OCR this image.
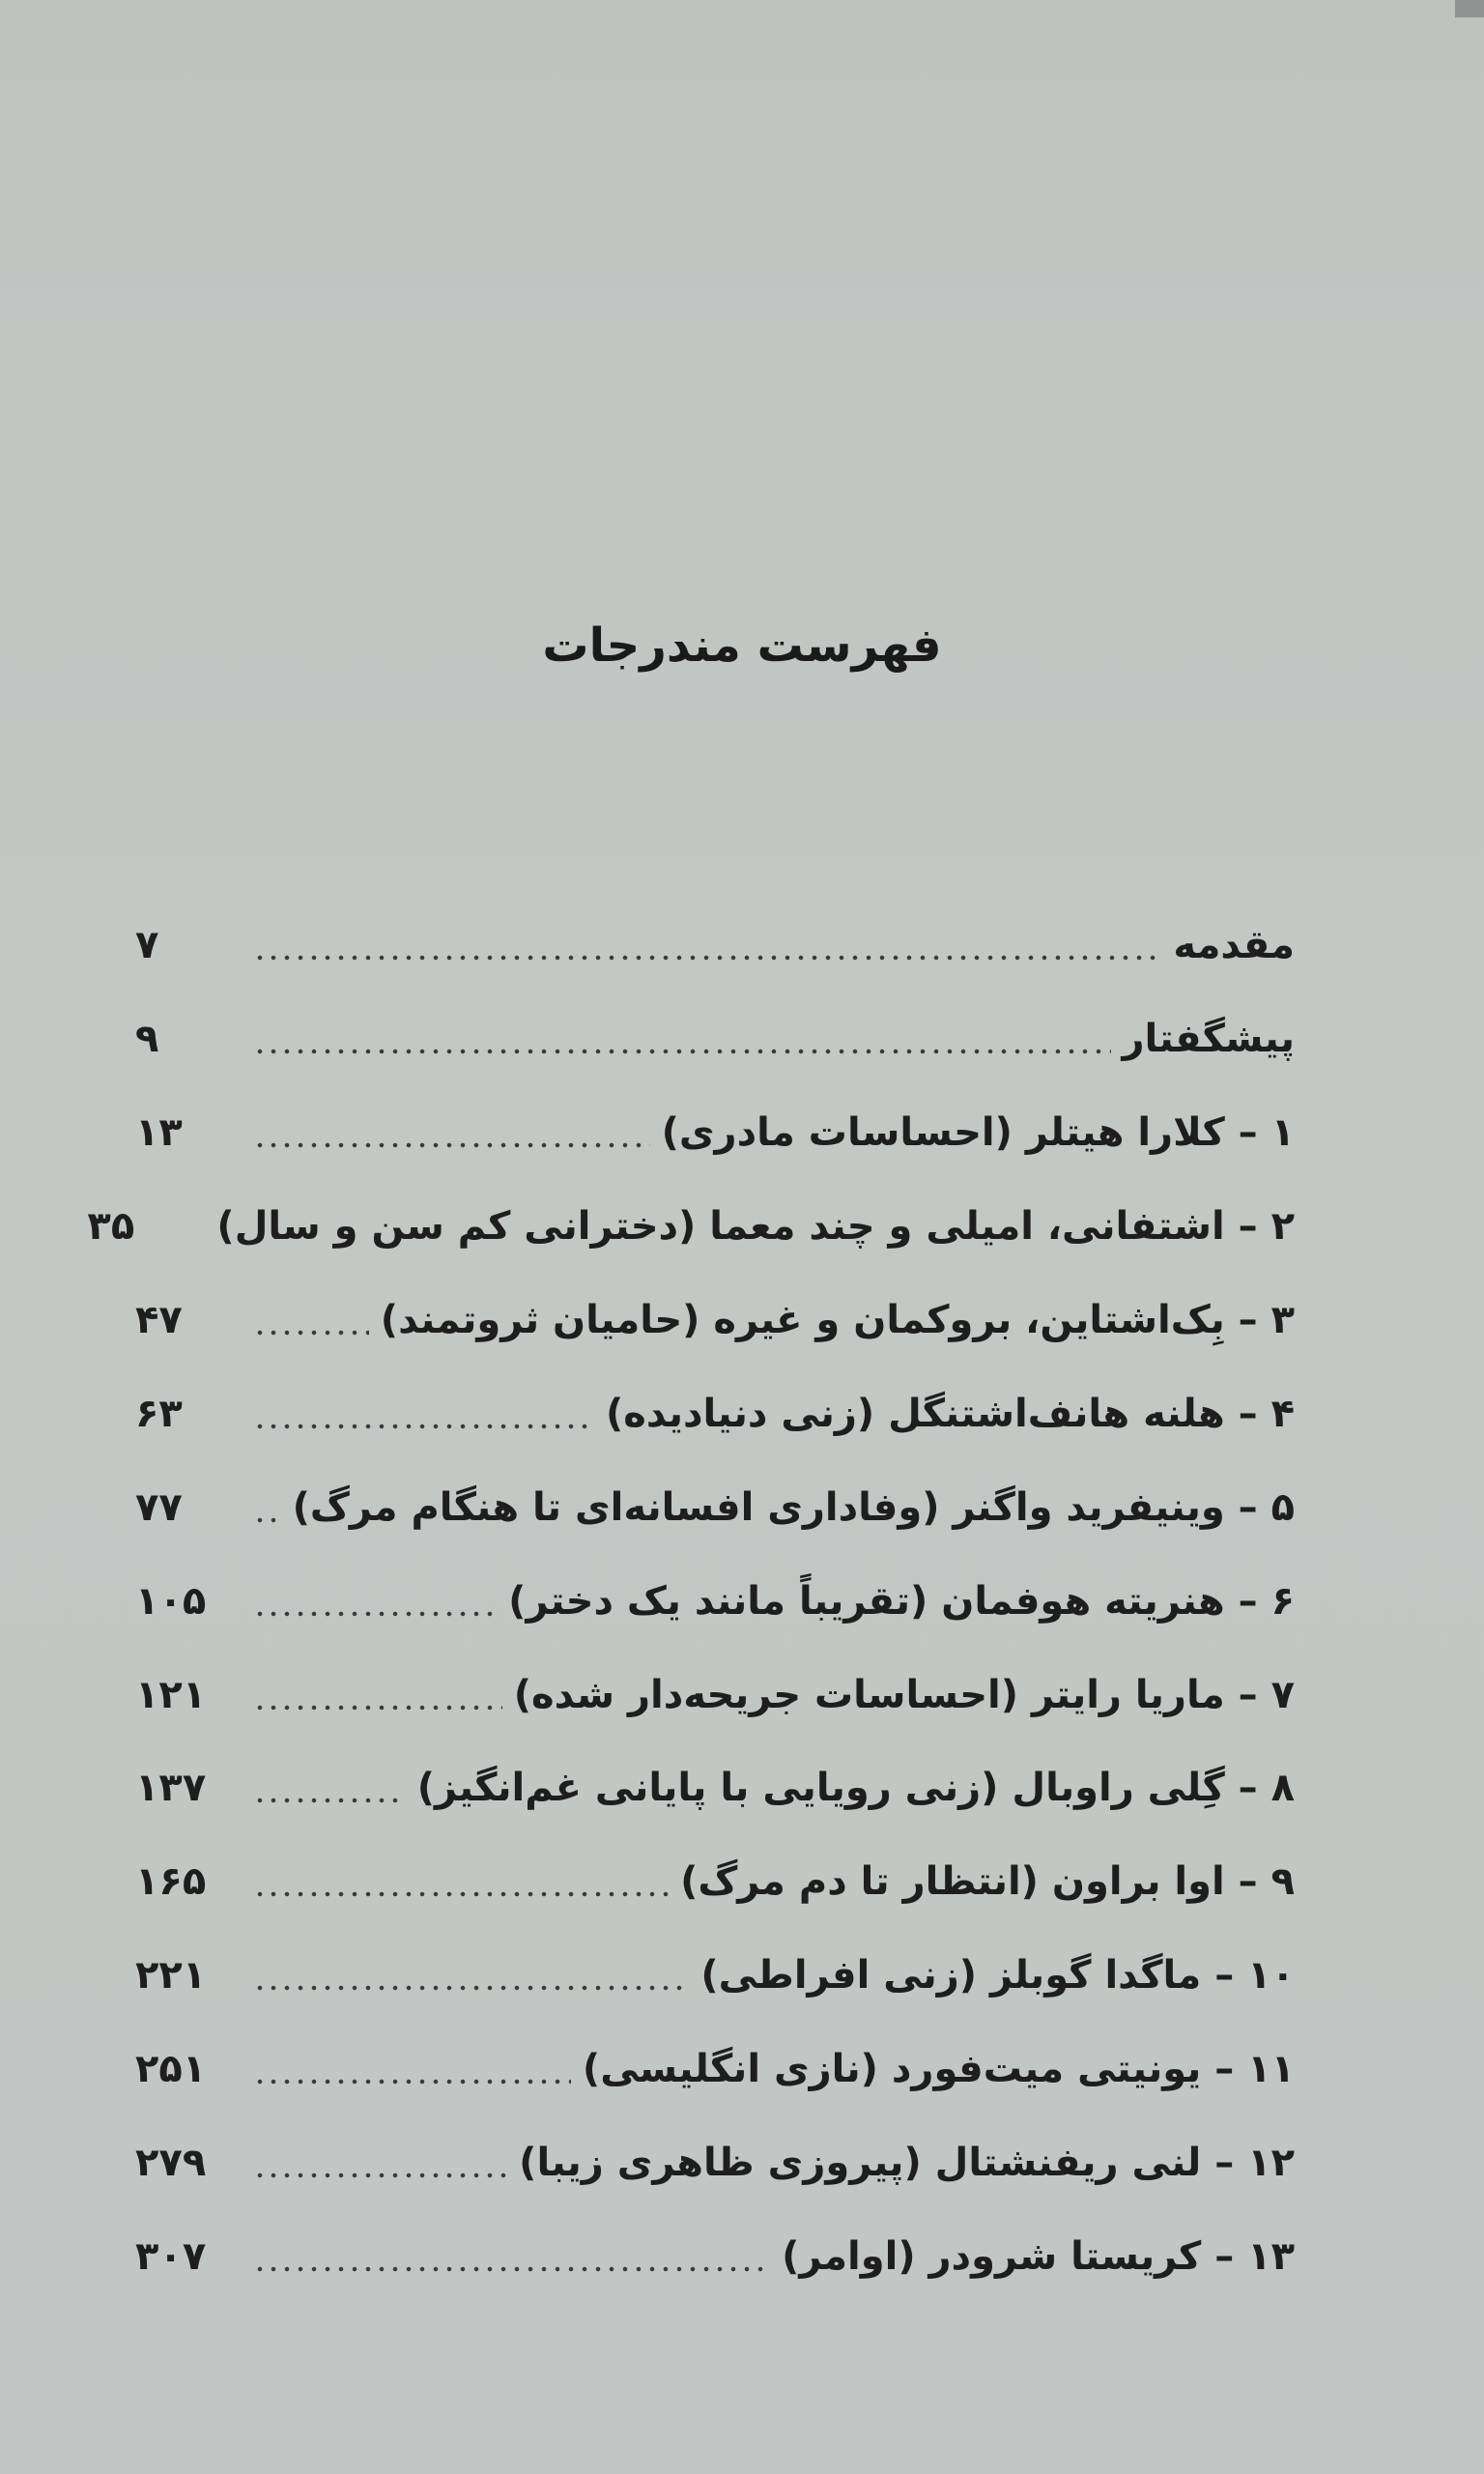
فهرست مندرجات
مقدمه
۷
پیشگفتار
۹
۱ – کلارا هیتلر (احساسات مادری)
۱۳
۲ – اشتفانی، امیلی و چند معما (دخترانی کم سن و سال)
۳۵
۳ – بِک‌اشتاین، بروکمان و غیره (حامیان ثروتمند)
۴۷
۴ – هلنه هانف‌اشتنگل (زنی دنیادیده)
۶۳
۵ – وینیفرید واگنر (وفاداری افسانه‌ای تا هنگام مرگ)
۷۷
۶ – هنریته هوفمان (تقریباً مانند یک دختر)
۱۰۵
۷ – ماریا رایتر (احساسات جریحه‌دار شده)
۱۲۱
۸ – گِلی راوبال (زنی رویایی با پایانی غم‌انگیز)
۱۳۷
۹ – اوا براون (انتظار تا دم مرگ)
۱۶۵
۱۰ – ماگدا گوبلز (زنی افراطی)
۲۲۱
۱۱ – یونیتی میت‌فورد (نازی انگلیسی)
۲۵۱
۱۲ – لنی ریفنشتال (پیروزی ظاهری زیبا)
۲۷۹
۱۳ – کریستا شرودر (اوامر)
۳۰۷
